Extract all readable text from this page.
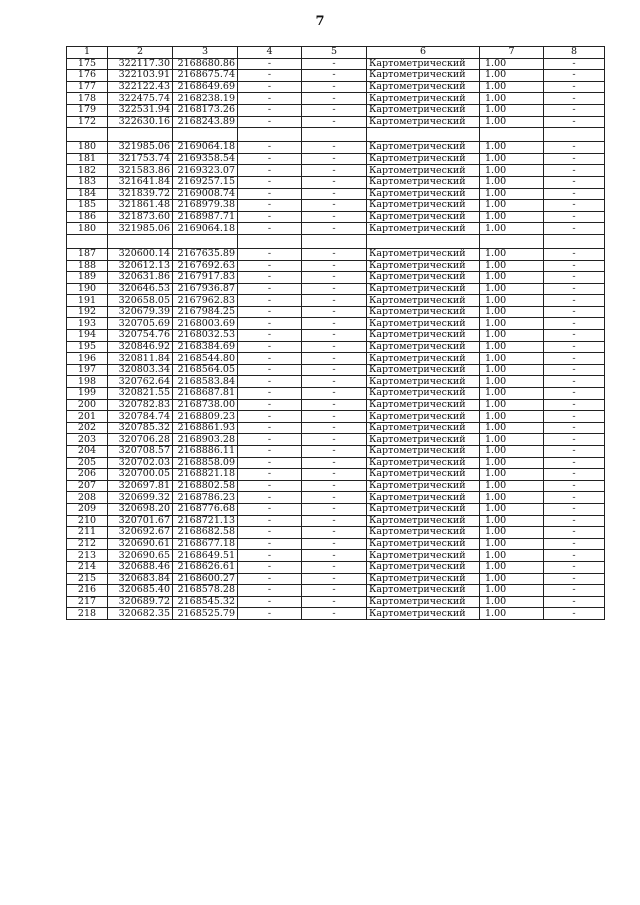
7
1	2	3	4	5	6	7	8
175	322117.30	2168680.86	-	-	Картометрический	1.00	-
176	322103.91	2168675.74	-	-	Картометрический	1.00	-
177	322122.43	2168649.69	-	-	Картометрический	1.00	-
178	322475.74	2168238.19	-	-	Картометрический	1.00	-
179	322531.94	2168173.26	-	-	Картометрический	1.00	-
172	322630.16	2168243.89	-	-	Картометрический	1.00	-

180	321985.06	2169064.18	-	-	Картометрический	1.00	-
181	321753.74	2169358.54	-	-	Картометрический	1.00	-
182	321583.86	2169323.07	-	-	Картометрический	1.00	-
183	321641.84	2169257.15	-	-	Картометрический	1.00	-
184	321839.72	2169008.74	-	-	Картометрический	1.00	-
185	321861.48	2168979.38	-	-	Картометрический	1.00	-
186	321873.60	2168987.71	-	-	Картометрический	1.00	-
180	321985.06	2169064.18	-	-	Картометрический	1.00	-

187	320600.14	2167635.89	-	-	Картометрический	1.00	-
188	320612.13	2167692.63	-	-	Картометрический	1.00	-
189	320631.86	2167917.83	-	-	Картометрический	1.00	-
190	320646.53	2167936.87	-	-	Картометрический	1.00	-
191	320658.05	2167962.83	-	-	Картометрический	1.00	-
192	320679.39	2167984.25	-	-	Картометрический	1.00	-
193	320705.69	2168003.69	-	-	Картометрический	1.00	-
194	320754.76	2168032.53	-	-	Картометрический	1.00	-
195	320846.92	2168384.69	-	-	Картометрический	1.00	-
196	320811.84	2168544.80	-	-	Картометрический	1.00	-
197	320803.34	2168564.05	-	-	Картометрический	1.00	-
198	320762.64	2168583.84	-	-	Картометрический	1.00	-
199	320821.55	2168687.81	-	-	Картометрический	1.00	-
200	320782.83	2168738.00	-	-	Картометрический	1.00	-
201	320784.74	2168809.23	-	-	Картометрический	1.00	-
202	320785.32	2168861.93	-	-	Картометрический	1.00	-
203	320706.28	2168903.28	-	-	Картометрический	1.00	-
204	320708.57	2168886.11	-	-	Картометрический	1.00	-
205	320702.03	2168858.09	-	-	Картометрический	1.00	-
206	320700.05	2168821.18	-	-	Картометрический	1.00	-
207	320697.81	2168802.58	-	-	Картометрический	1.00	-
208	320699.32	2168786.23	-	-	Картометрический	1.00	-
209	320698.20	2168776.68	-	-	Картометрический	1.00	-
210	320701.67	2168721.13	-	-	Картометрический	1.00	-
211	320692.67	2168682.58	-	-	Картометрический	1.00	-
212	320690.61	2168677.18	-	-	Картометрический	1.00	-
213	320690.65	2168649.51	-	-	Картометрический	1.00	-
214	320688.46	2168626.61	-	-	Картометрический	1.00	-
215	320683.84	2168600.27	-	-	Картометрический	1.00	-
216	320685.40	2168578.28	-	-	Картометрический	1.00	-
217	320689.72	2168545.32	-	-	Картометрический	1.00	-
218	320682.35	2168525.79	-	-	Картометрический	1.00	-
